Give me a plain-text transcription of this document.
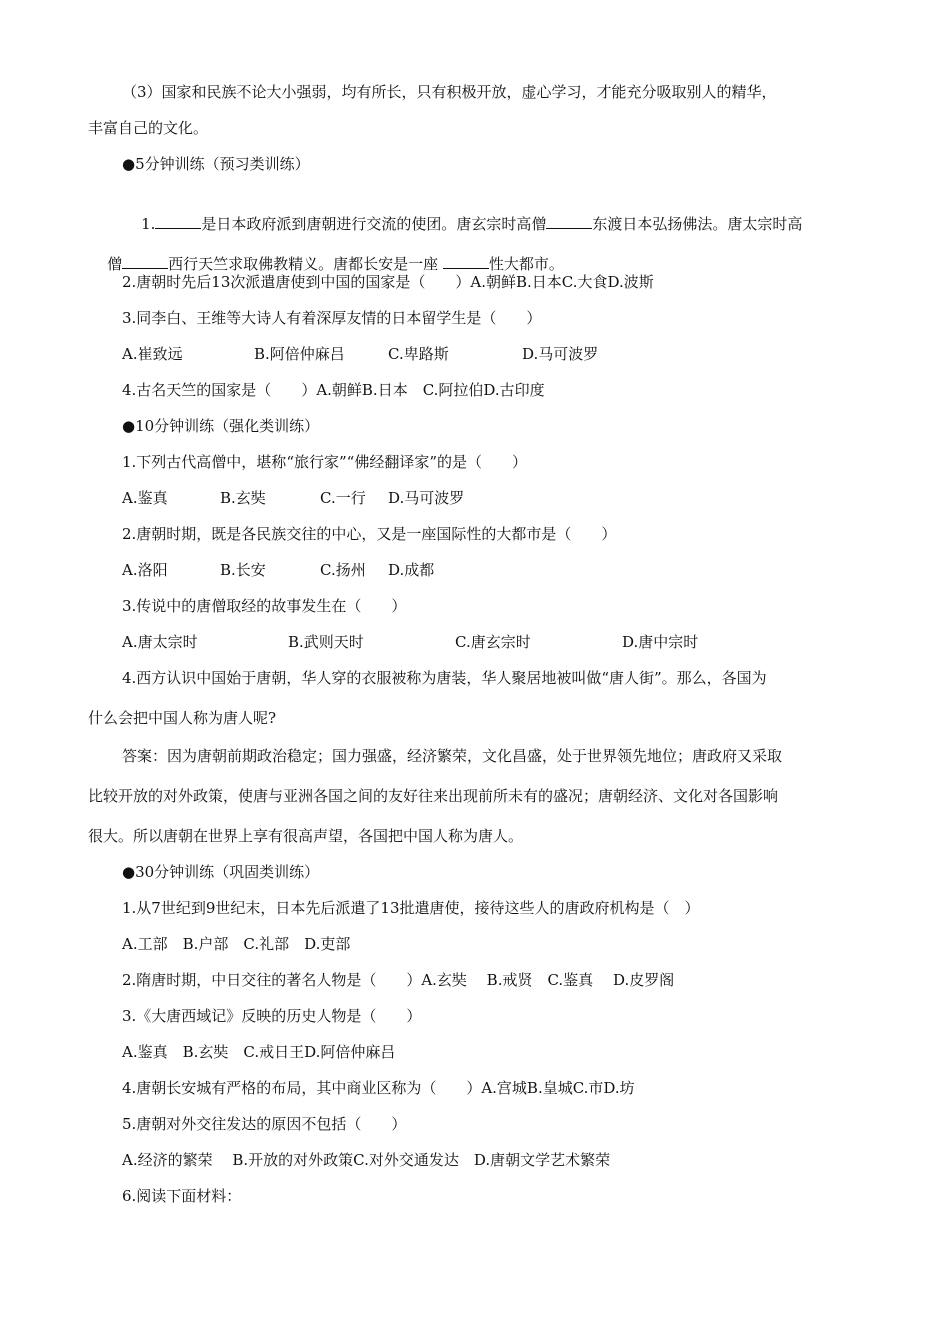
（3）国家和民族不论大小强弱，均有所长，只有积极开放，虚心学习，才能充分吸取别人的精华，
丰富自己的文化。
●5分钟训练（预习类训练）

1.	是日本政府派到唐朝进行交流的使团。唐玄宗时高僧	东渡日本弘扬佛法。唐太宗时高

僧	西行天竺求取佛教精义。唐都长安是一座	性大都市。

2.唐朝时先后13次派遣唐使到中国的国家是（　　）A.朝鲜B.日本C.大食D.波斯
3.同李白、王维等大诗人有着深厚友情的日本留学生是（　　）
A.崔致远	B.阿倍仲麻吕	C.卑路斯	D.马可波罗
4.古名天竺的国家是（　　）A.朝鲜B.日本　C.阿拉伯D.古印度
●10分钟训练（强化类训练）
1.下列古代高僧中，堪称“旅行家”“佛经翻译家”的是（　　）
A.鉴真	B.玄奘	C.一行 D.马可波罗
2.唐朝时期，既是各民族交往的中心，又是一座国际性的大都市是（　　）
A.洛阳	B.长安	C.扬州 D.成都
3.传说中的唐僧取经的故事发生在（　　）
A.唐太宗时	B.武则天时	C.唐玄宗时	D.唐中宗时
4.西方认识中国始于唐朝，华人穿的衣服被称为唐装，华人聚居地被叫做“唐人街”。那么，各国为
什么会把中国人称为唐人呢?
答案：因为唐朝前期政治稳定；国力强盛，经济繁荣，文化昌盛，处于世界领先地位；唐政府又采取
比较开放的对外政策，使唐与亚洲各国之间的友好往来出现前所未有的盛况；唐朝经济、文化对各国影响
很大。所以唐朝在世界上享有很高声望，各国把中国人称为唐人。
●30分钟训练（巩固类训练）
1.从7世纪到9世纪末，日本先后派遣了13批遣唐使，接待这些人的唐政府机构是（　）
A.工部　B.户部　C.礼部　D.吏部
2.隋唐时期，中日交往的著名人物是（　　）A.玄奘　 B.戒贤　C.鉴真　 D.皮罗阁
3.《大唐西域记》反映的历史人物是（　　）
A.鉴真　B.玄奘　C.戒日王D.阿倍仲麻吕
4.唐朝长安城有严格的布局，其中商业区称为（　　）A.宫城B.皇城C.市D.坊
5.唐朝对外交往发达的原因不包括（　　）
A.经济的繁荣　 B.开放的对外政策C.对外交通发达　D.唐朝文学艺术繁荣
6.阅读下面材料：
